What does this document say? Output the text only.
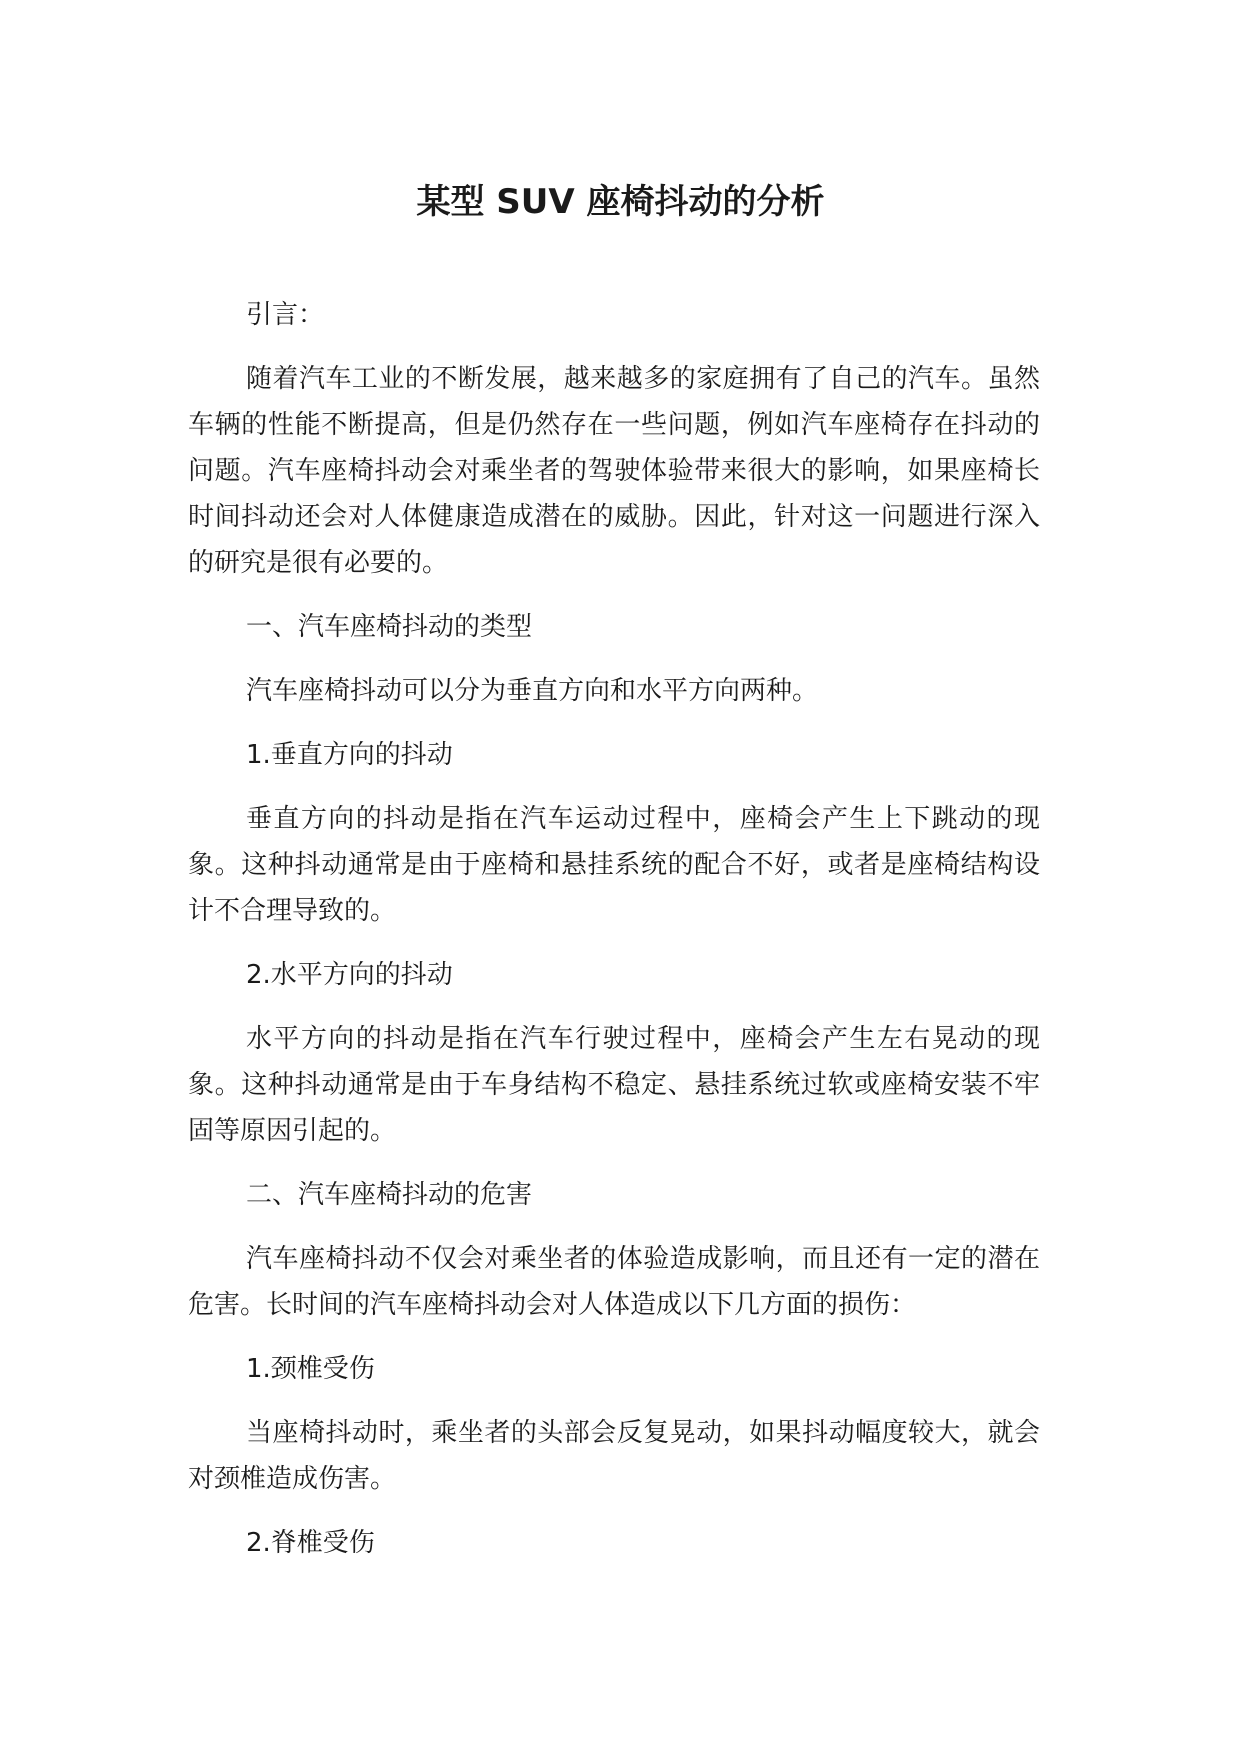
某型 SUV 座椅抖动的分析

引言：

随着汽车工业的不断发展，越来越多的家庭拥有了自己的汽车。虽然车辆的性能不断提高，但是仍然存在一些问题，例如汽车座椅存在抖动的问题。汽车座椅抖动会对乘坐者的驾驶体验带来很大的影响，如果座椅长时间抖动还会对人体健康造成潜在的威胁。因此，针对这一问题进行深入的研究是很有必要的。

一、汽车座椅抖动的类型

汽车座椅抖动可以分为垂直方向和水平方向两种。

1.垂直方向的抖动

垂直方向的抖动是指在汽车运动过程中，座椅会产生上下跳动的现象。这种抖动通常是由于座椅和悬挂系统的配合不好，或者是座椅结构设计不合理导致的。

2.水平方向的抖动

水平方向的抖动是指在汽车行驶过程中，座椅会产生左右晃动的现象。这种抖动通常是由于车身结构不稳定、悬挂系统过软或座椅安装不牢固等原因引起的。

二、汽车座椅抖动的危害

汽车座椅抖动不仅会对乘坐者的体验造成影响，而且还有一定的潜在危害。长时间的汽车座椅抖动会对人体造成以下几方面的损伤：

1.颈椎受伤

当座椅抖动时，乘坐者的头部会反复晃动，如果抖动幅度较大，就会对颈椎造成伤害。

2.脊椎受伤
